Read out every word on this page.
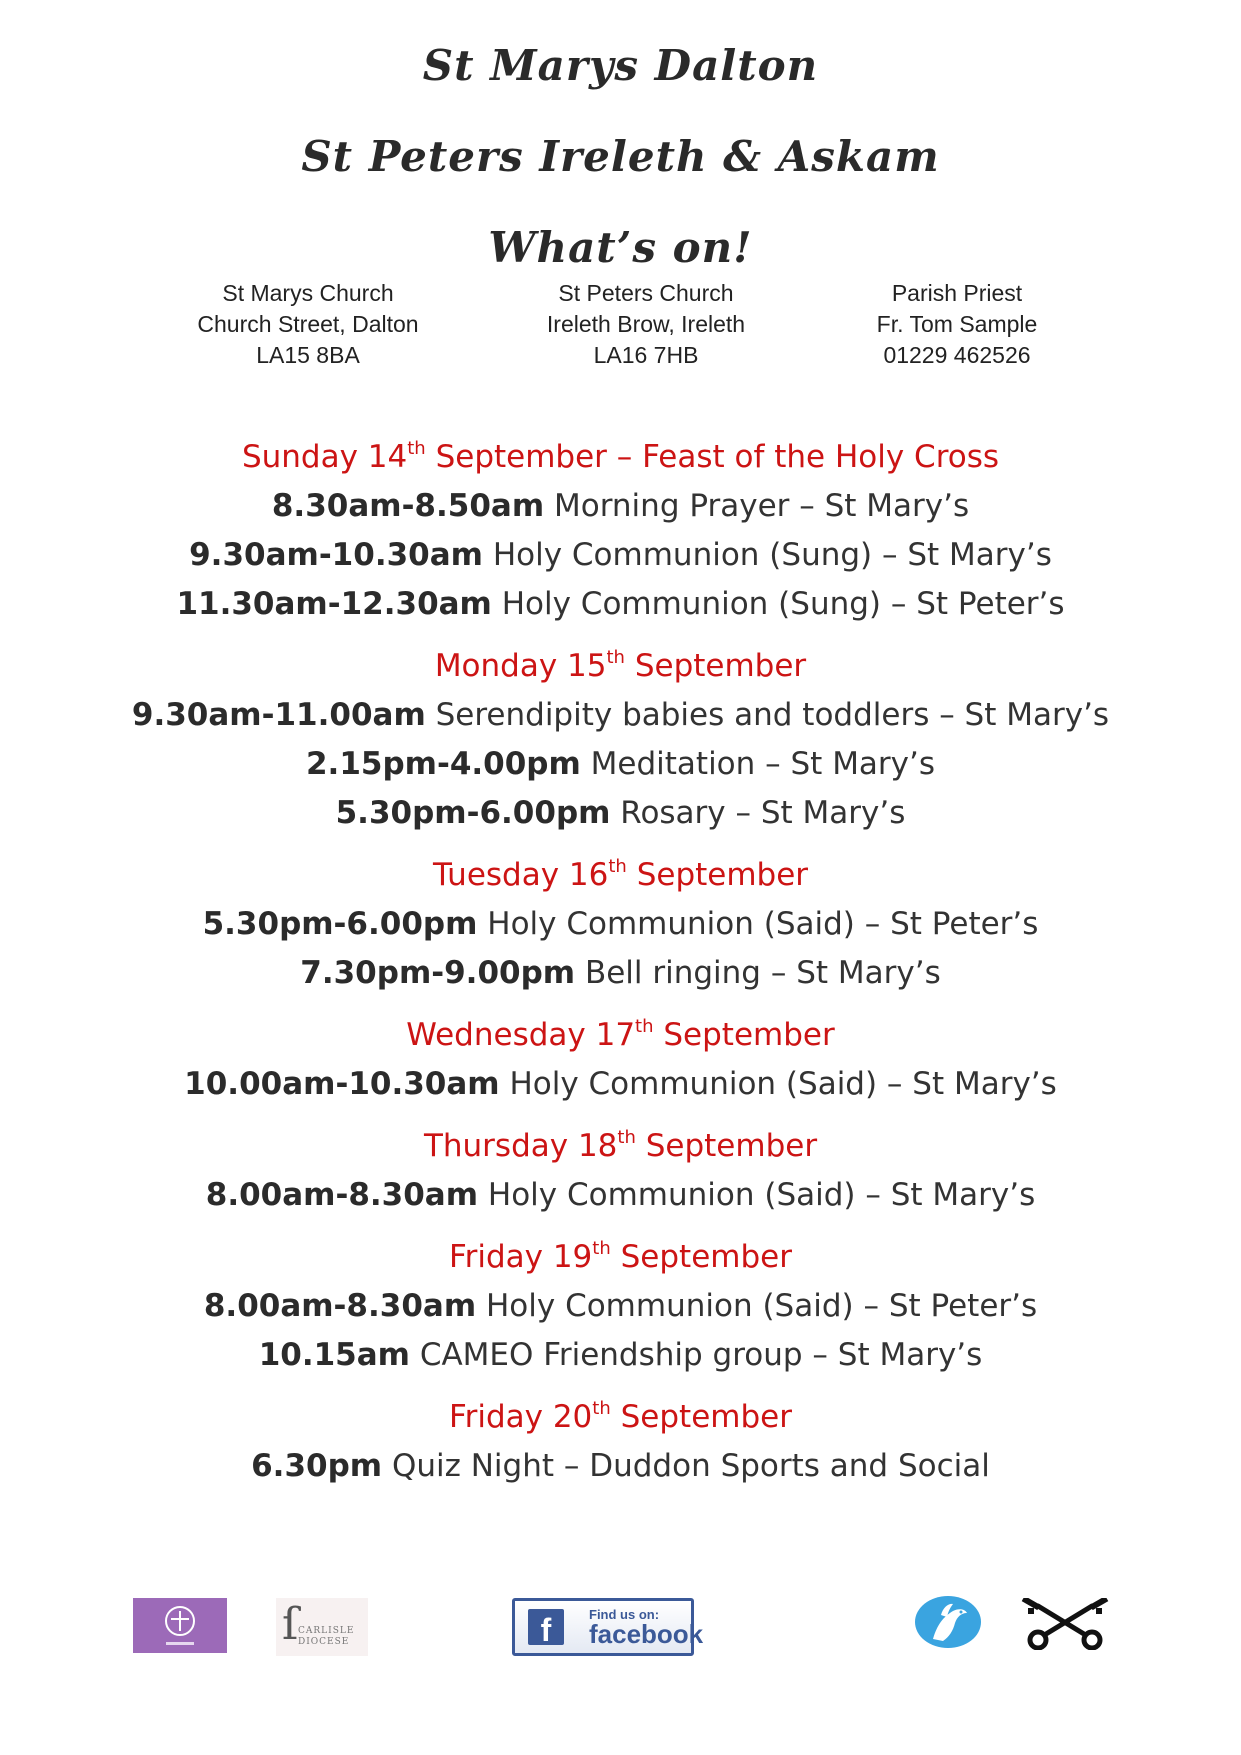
St Marys Dalton

St Peters Ireleth & Askam

What’s on!

St Marys Church
Church Street, Dalton
LA15 8BA
St Peters Church
Ireleth Brow, Ireleth
LA16 7HB
Parish Priest
Fr. Tom Sample
01229 462526
Sunday 14th September – Feast of the Holy Cross
8.30am-8.50am Morning Prayer – St Mary’s
9.30am-10.30am Holy Communion (Sung) – St Mary’s
11.30am-12.30am Holy Communion (Sung) – St Peter’s
Monday 15th September
9.30am-11.00am Serendipity babies and toddlers – St Mary’s
2.15pm-4.00pm Meditation – St Mary’s
5.30pm-6.00pm Rosary – St Mary’s
Tuesday 16th September
5.30pm-6.00pm Holy Communion (Said) – St Peter’s
7.30pm-9.00pm Bell ringing – St Mary’s
Wednesday 17th September
10.00am-10.30am Holy Communion (Said) – St Mary’s
Thursday 18th September
8.00am-8.30am Holy Communion (Said) – St Mary’s
Friday 19th September
8.00am-8.30am Holy Communion (Said) – St Peter’s
10.15am CAMEO Friendship group – St Mary’s
Friday 20th September
6.30pm Quiz Night – Duddon Sports and Social
ſ CARLISLE
DIOCESE	f	Find us on:
facebook
